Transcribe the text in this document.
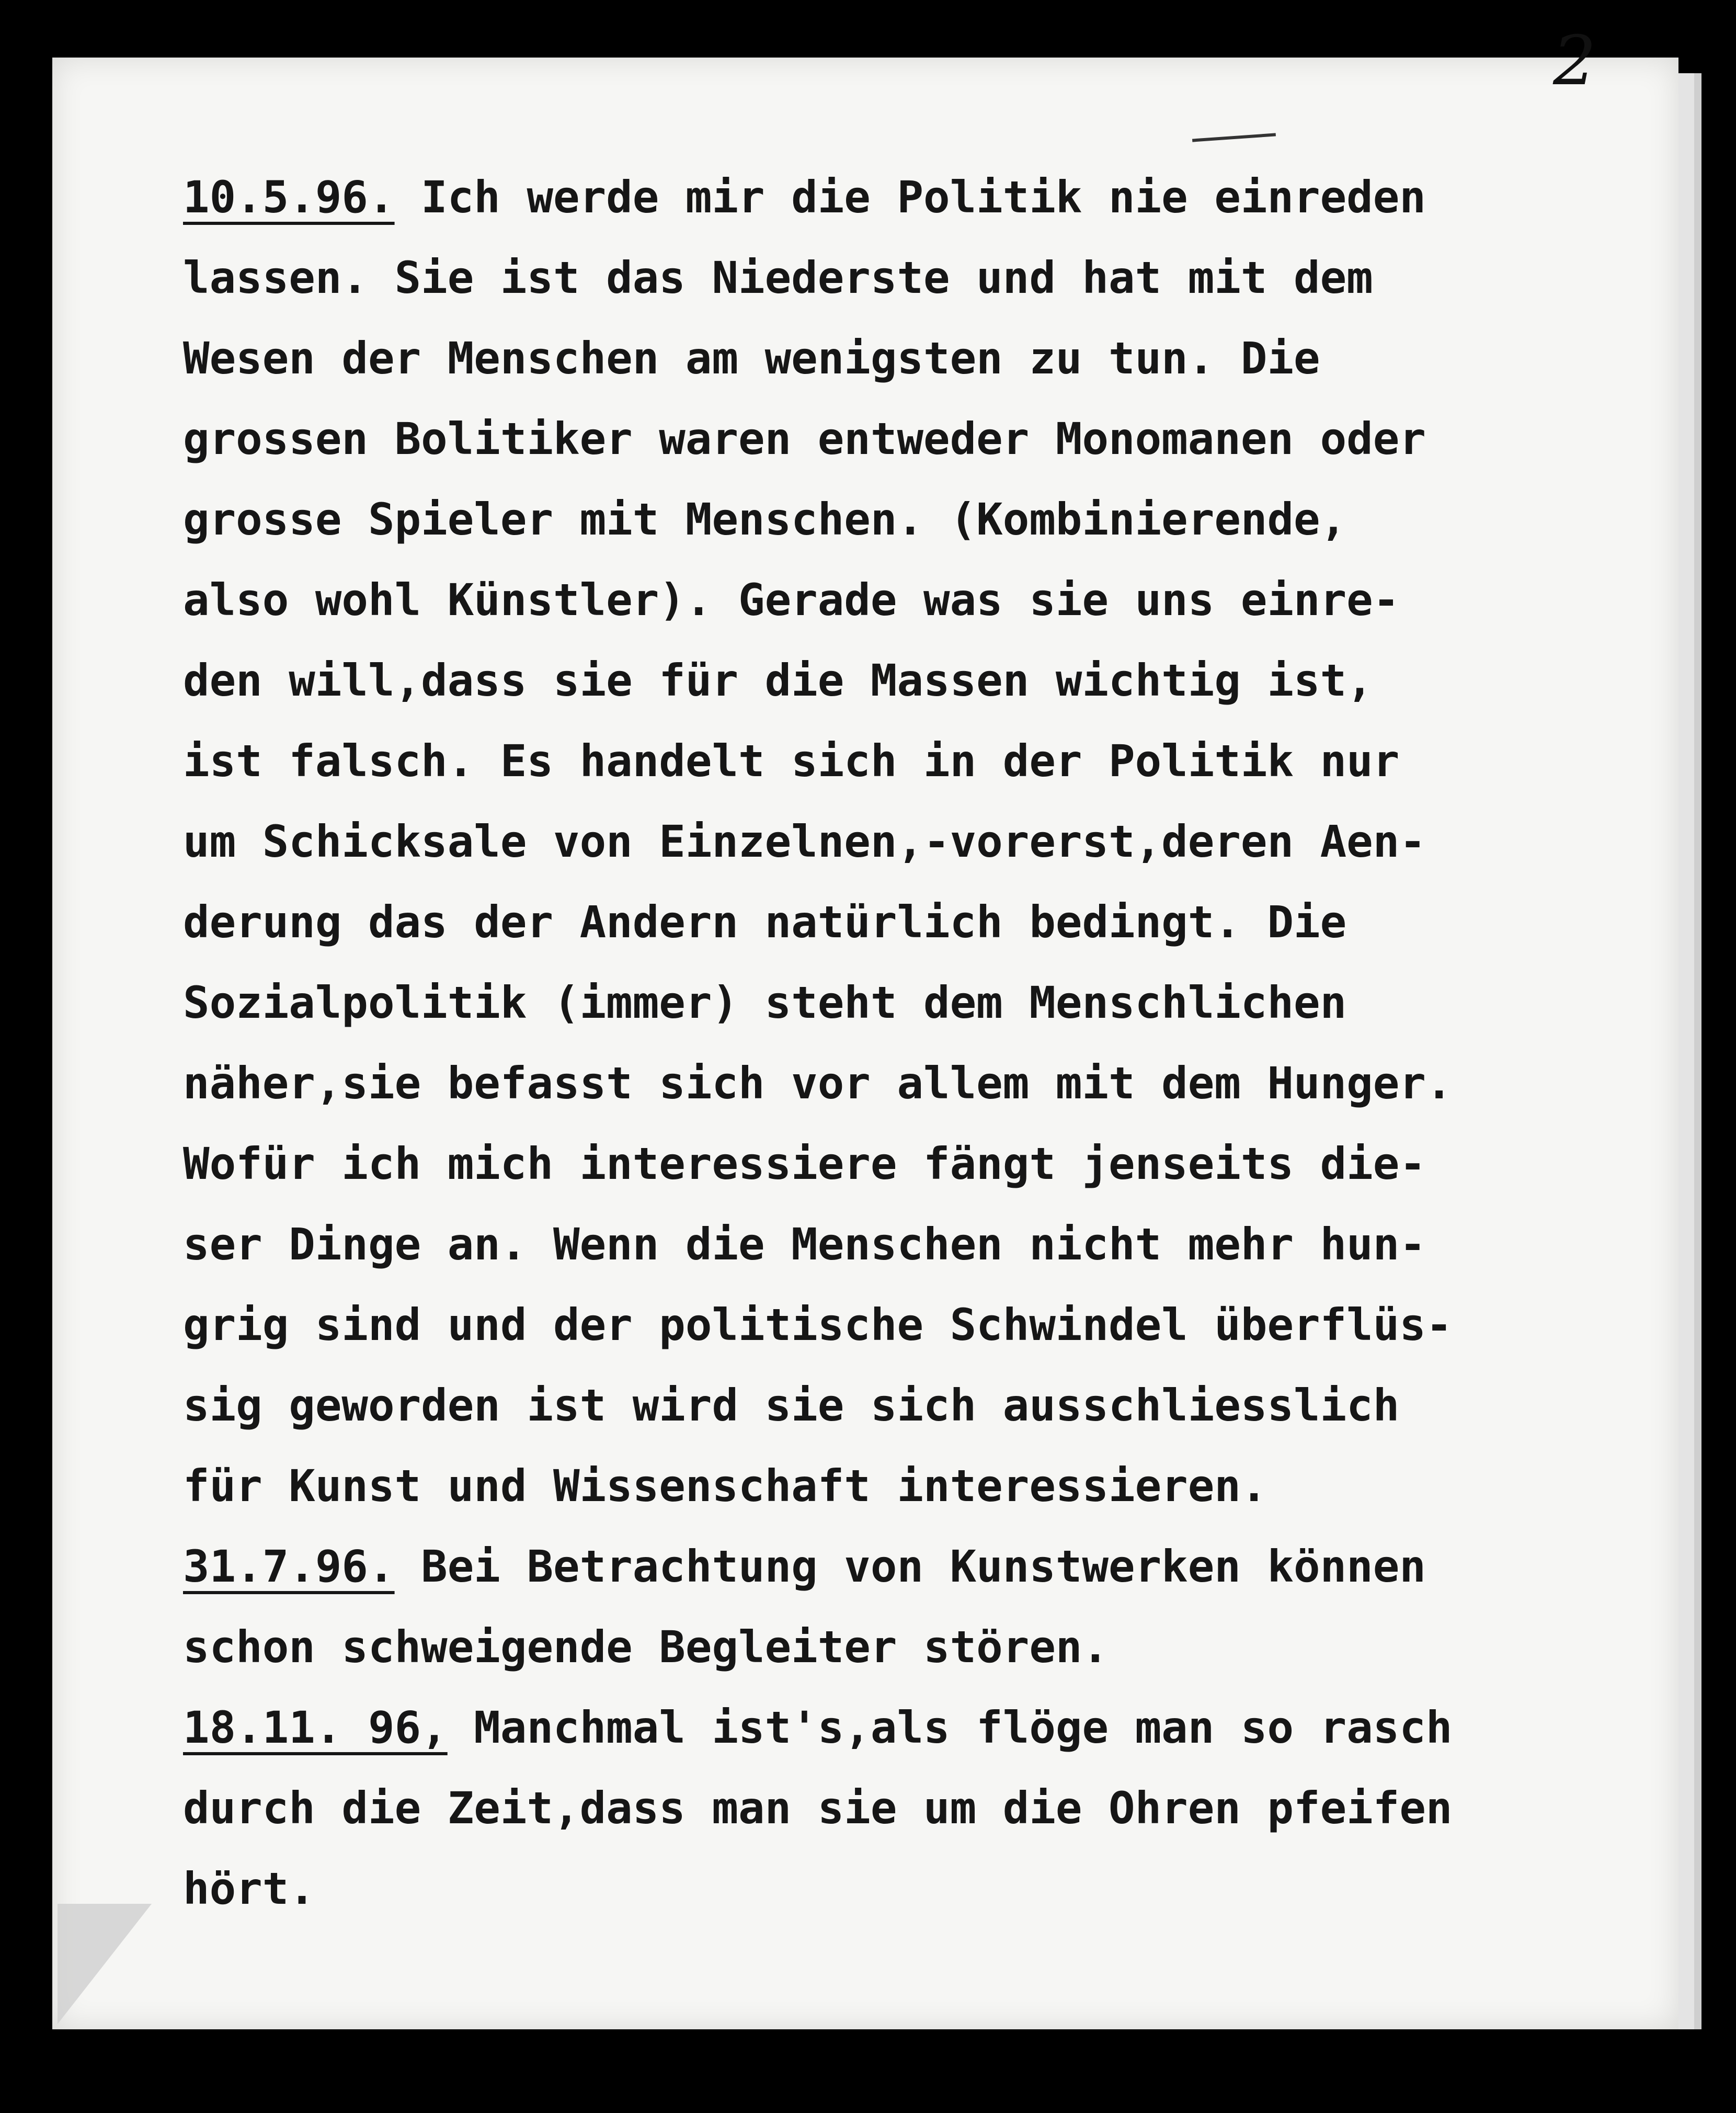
2
10.5.96. Ich werde mir die Politik nie einreden
lassen. Sie ist das Niederste und hat mit dem
Wesen der Menschen am wenigsten zu tun. Die
grossen Bolitiker waren entweder Monomanen oder
grosse Spieler mit Menschen. (Kombinierende,
also wohl Künstler). Gerade was sie uns einre-
den will,dass sie für die Massen wichtig ist,
ist falsch. Es handelt sich in der Politik nur
um Schicksale von Einzelnen,-vorerst,deren Aen-
derung das der Andern natürlich bedingt. Die
Sozialpolitik (immer) steht dem Menschlichen
näher,sie befasst sich vor allem mit dem Hunger.
Wofür ich mich interessiere fängt jenseits die-
ser Dinge an. Wenn die Menschen nicht mehr hun-
grig sind und der politische Schwindel überflüs-
sig geworden ist wird sie sich ausschliesslich
für Kunst und Wissenschaft interessieren.
31.7.96. Bei Betrachtung von Kunstwerken können
schon schweigende Begleiter stören.
18.11. 96, Manchmal ist's,als flöge man so rasch
durch die Zeit,dass man sie um die Ohren pfeifen
hört.
